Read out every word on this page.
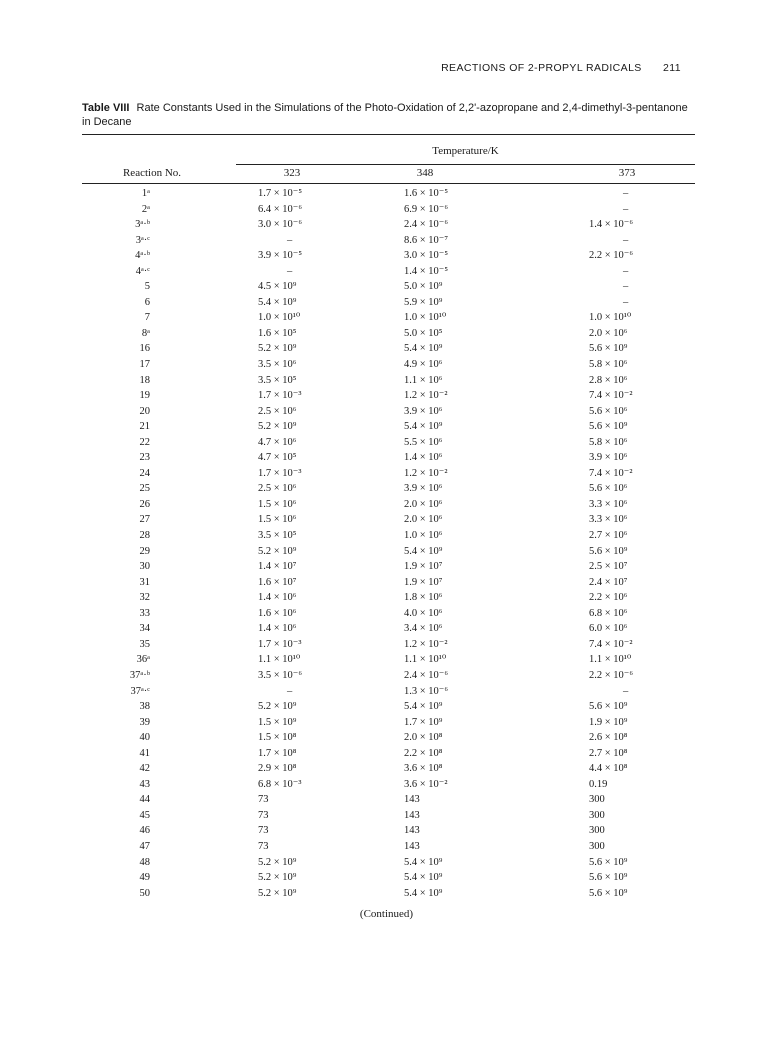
REACTIONS OF 2-PROPYL RADICALS 211
Table VIII Rate Constants Used in the Simulations of the Photo-Oxidation of 2,2'-azopropane and 2,4-dimethyl-3-pentanone in Decane
Temperature/K
Reaction No.	323	348	373
1ᵃ	1.7 × 10⁻⁵	1.6 × 10⁻⁵	–
2ᵃ	6.4 × 10⁻⁶	6.9 × 10⁻⁶	–
3ᵃ·ᵇ	3.0 × 10⁻⁶	2.4 × 10⁻⁶	1.4 × 10⁻⁶
3ᵃ·ᶜ	–	8.6 × 10⁻⁷	–
4ᵃ·ᵇ	3.9 × 10⁻⁵	3.0 × 10⁻⁵	2.2 × 10⁻⁶
4ᵃ·ᶜ	–	1.4 × 10⁻⁵	–
5	4.5 × 10⁹	5.0 × 10⁹	–
6	5.4 × 10⁹	5.9 × 10⁹	–
7	1.0 × 10¹⁰	1.0 × 10¹⁰	1.0 × 10¹⁰
8ᵃ	1.6 × 10⁵	5.0 × 10⁵	2.0 × 10⁶
16	5.2 × 10⁹	5.4 × 10⁹	5.6 × 10⁹
17	3.5 × 10⁶	4.9 × 10⁶	5.8 × 10⁶
18	3.5 × 10⁵	1.1 × 10⁶	2.8 × 10⁶
19	1.7 × 10⁻³	1.2 × 10⁻²	7.4 × 10⁻²
20	2.5 × 10⁶	3.9 × 10⁶	5.6 × 10⁶
21	5.2 × 10⁹	5.4 × 10⁹	5.6 × 10⁹
22	4.7 × 10⁶	5.5 × 10⁶	5.8 × 10⁶
23	4.7 × 10⁵	1.4 × 10⁶	3.9 × 10⁶
24	1.7 × 10⁻³	1.2 × 10⁻²	7.4 × 10⁻²
25	2.5 × 10⁶	3.9 × 10⁶	5.6 × 10⁶
26	1.5 × 10⁶	2.0 × 10⁶	3.3 × 10⁶
27	1.5 × 10⁶	2.0 × 10⁶	3.3 × 10⁶
28	3.5 × 10⁵	1.0 × 10⁶	2.7 × 10⁶
29	5.2 × 10⁹	5.4 × 10⁹	5.6 × 10⁹
30	1.4 × 10⁷	1.9 × 10⁷	2.5 × 10⁷
31	1.6 × 10⁷	1.9 × 10⁷	2.4 × 10⁷
32	1.4 × 10⁶	1.8 × 10⁶	2.2 × 10⁶
33	1.6 × 10⁶	4.0 × 10⁶	6.8 × 10⁶
34	1.4 × 10⁶	3.4 × 10⁶	6.0 × 10⁶
35	1.7 × 10⁻³	1.2 × 10⁻²	7.4 × 10⁻²
36ᵃ	1.1 × 10¹⁰	1.1 × 10¹⁰	1.1 × 10¹⁰
37ᵃ·ᵇ	3.5 × 10⁻⁶	2.4 × 10⁻⁶	2.2 × 10⁻⁶
37ᵃ·ᶜ	–	1.3 × 10⁻⁶	–
38	5.2 × 10⁹	5.4 × 10⁹	5.6 × 10⁹
39	1.5 × 10⁹	1.7 × 10⁹	1.9 × 10⁹
40	1.5 × 10⁸	2.0 × 10⁸	2.6 × 10⁸
41	1.7 × 10⁸	2.2 × 10⁸	2.7 × 10⁸
42	2.9 × 10⁸	3.6 × 10⁸	4.4 × 10⁸
43	6.8 × 10⁻³	3.6 × 10⁻²	0.19
44	73	143	300
45	73	143	300
46	73	143	300
47	73	143	300
48	5.2 × 10⁹	5.4 × 10⁹	5.6 × 10⁹
49	5.2 × 10⁹	5.4 × 10⁹	5.6 × 10⁹
50	5.2 × 10⁹	5.4 × 10⁹	5.6 × 10⁹
(Continued)
